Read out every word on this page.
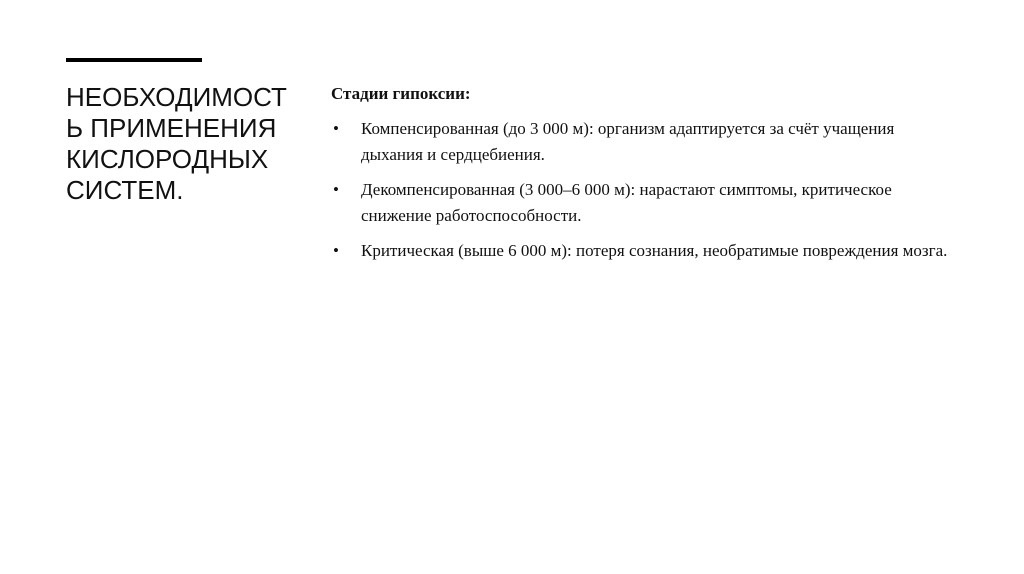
НЕОБХОДИМОСТЬ ПРИМЕНЕНИЯ КИСЛОРОДНЫХ СИСТЕМ.

Стадии гипоксии:

• Компенсированная (до 3 000 м): организм адаптируется за счёт учащения дыхания и сердцебиения.
• Декомпенсированная (3 000–6 000 м): нарастают симптомы, критическое снижение работоспособности.
• Критическая (выше 6 000 м): потеря сознания, необратимые повреждения мозга.
